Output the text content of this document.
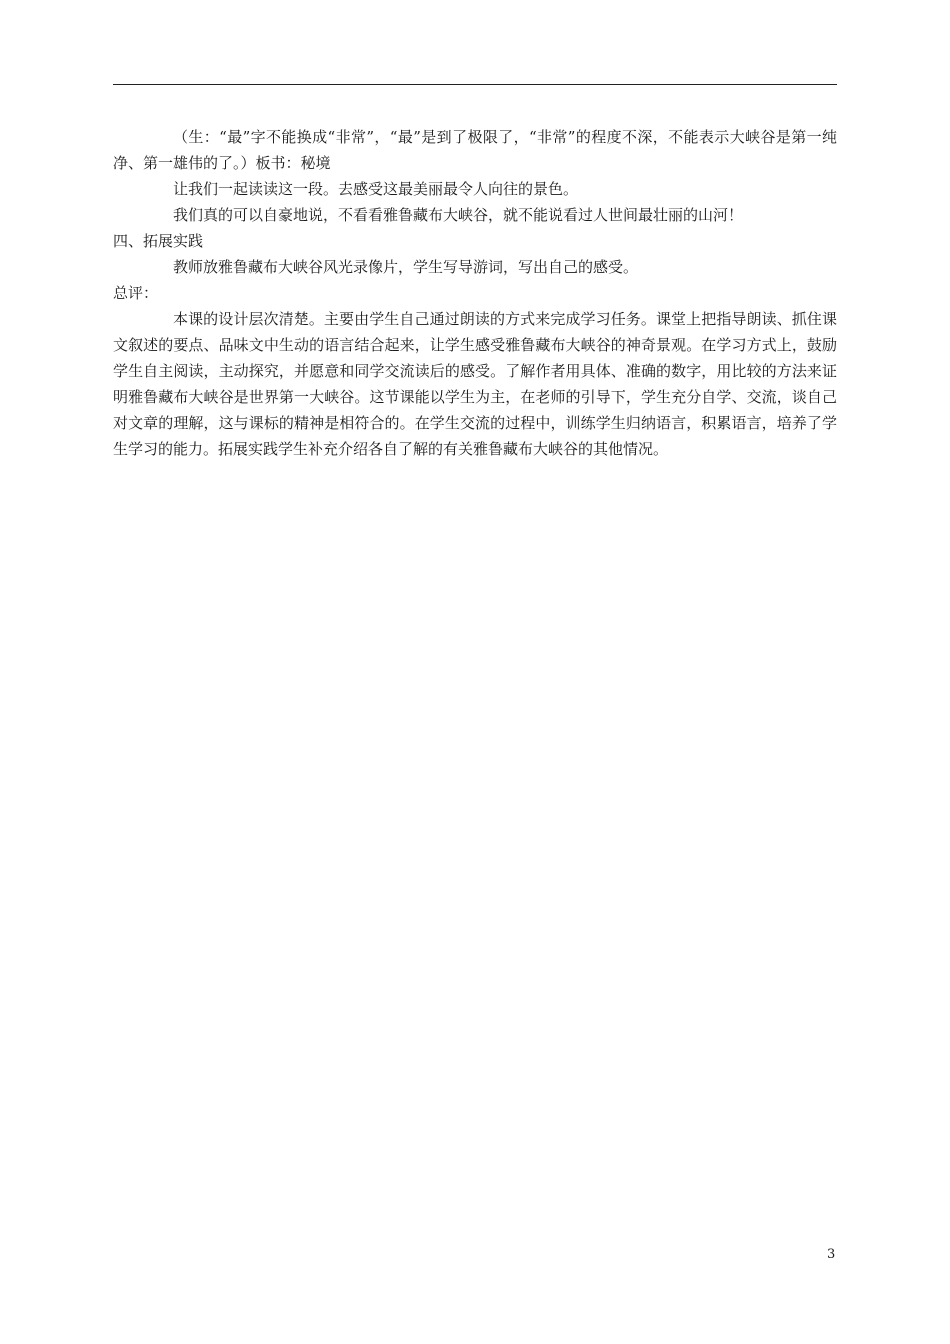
（生：“最”字不能换成“非常”，“最”是到了极限了，“非常”的程度不深，不能表示大峡谷是第一纯净、第一雄伟的了。）板书：秘境

让我们一起读读这一段。去感受这最美丽最令人向往的景色。

我们真的可以自豪地说，不看看雅鲁藏布大峡谷，就不能说看过人世间最壮丽的山河！

四、拓展实践

教师放雅鲁藏布大峡谷风光录像片，学生写导游词，写出自己的感受。

总评：

本课的设计层次清楚。主要由学生自己通过朗读的方式来完成学习任务。课堂上把指导朗读、抓住课文叙述的要点、品味文中生动的语言结合起来，让学生感受雅鲁藏布大峡谷的神奇景观。在学习方式上，鼓励学生自主阅读，主动探究，并愿意和同学交流读后的感受。了解作者用具体、准确的数字，用比较的方法来证明雅鲁藏布大峡谷是世界第一大峡谷。这节课能以学生为主，在老师的引导下，学生充分自学、交流，谈自己对文章的理解，这与课标的精神是相符合的。在学生交流的过程中，训练学生归纳语言，积累语言，培养了学生学习的能力。拓展实践学生补充介绍各自了解的有关雅鲁藏布大峡谷的其他情况。

3
